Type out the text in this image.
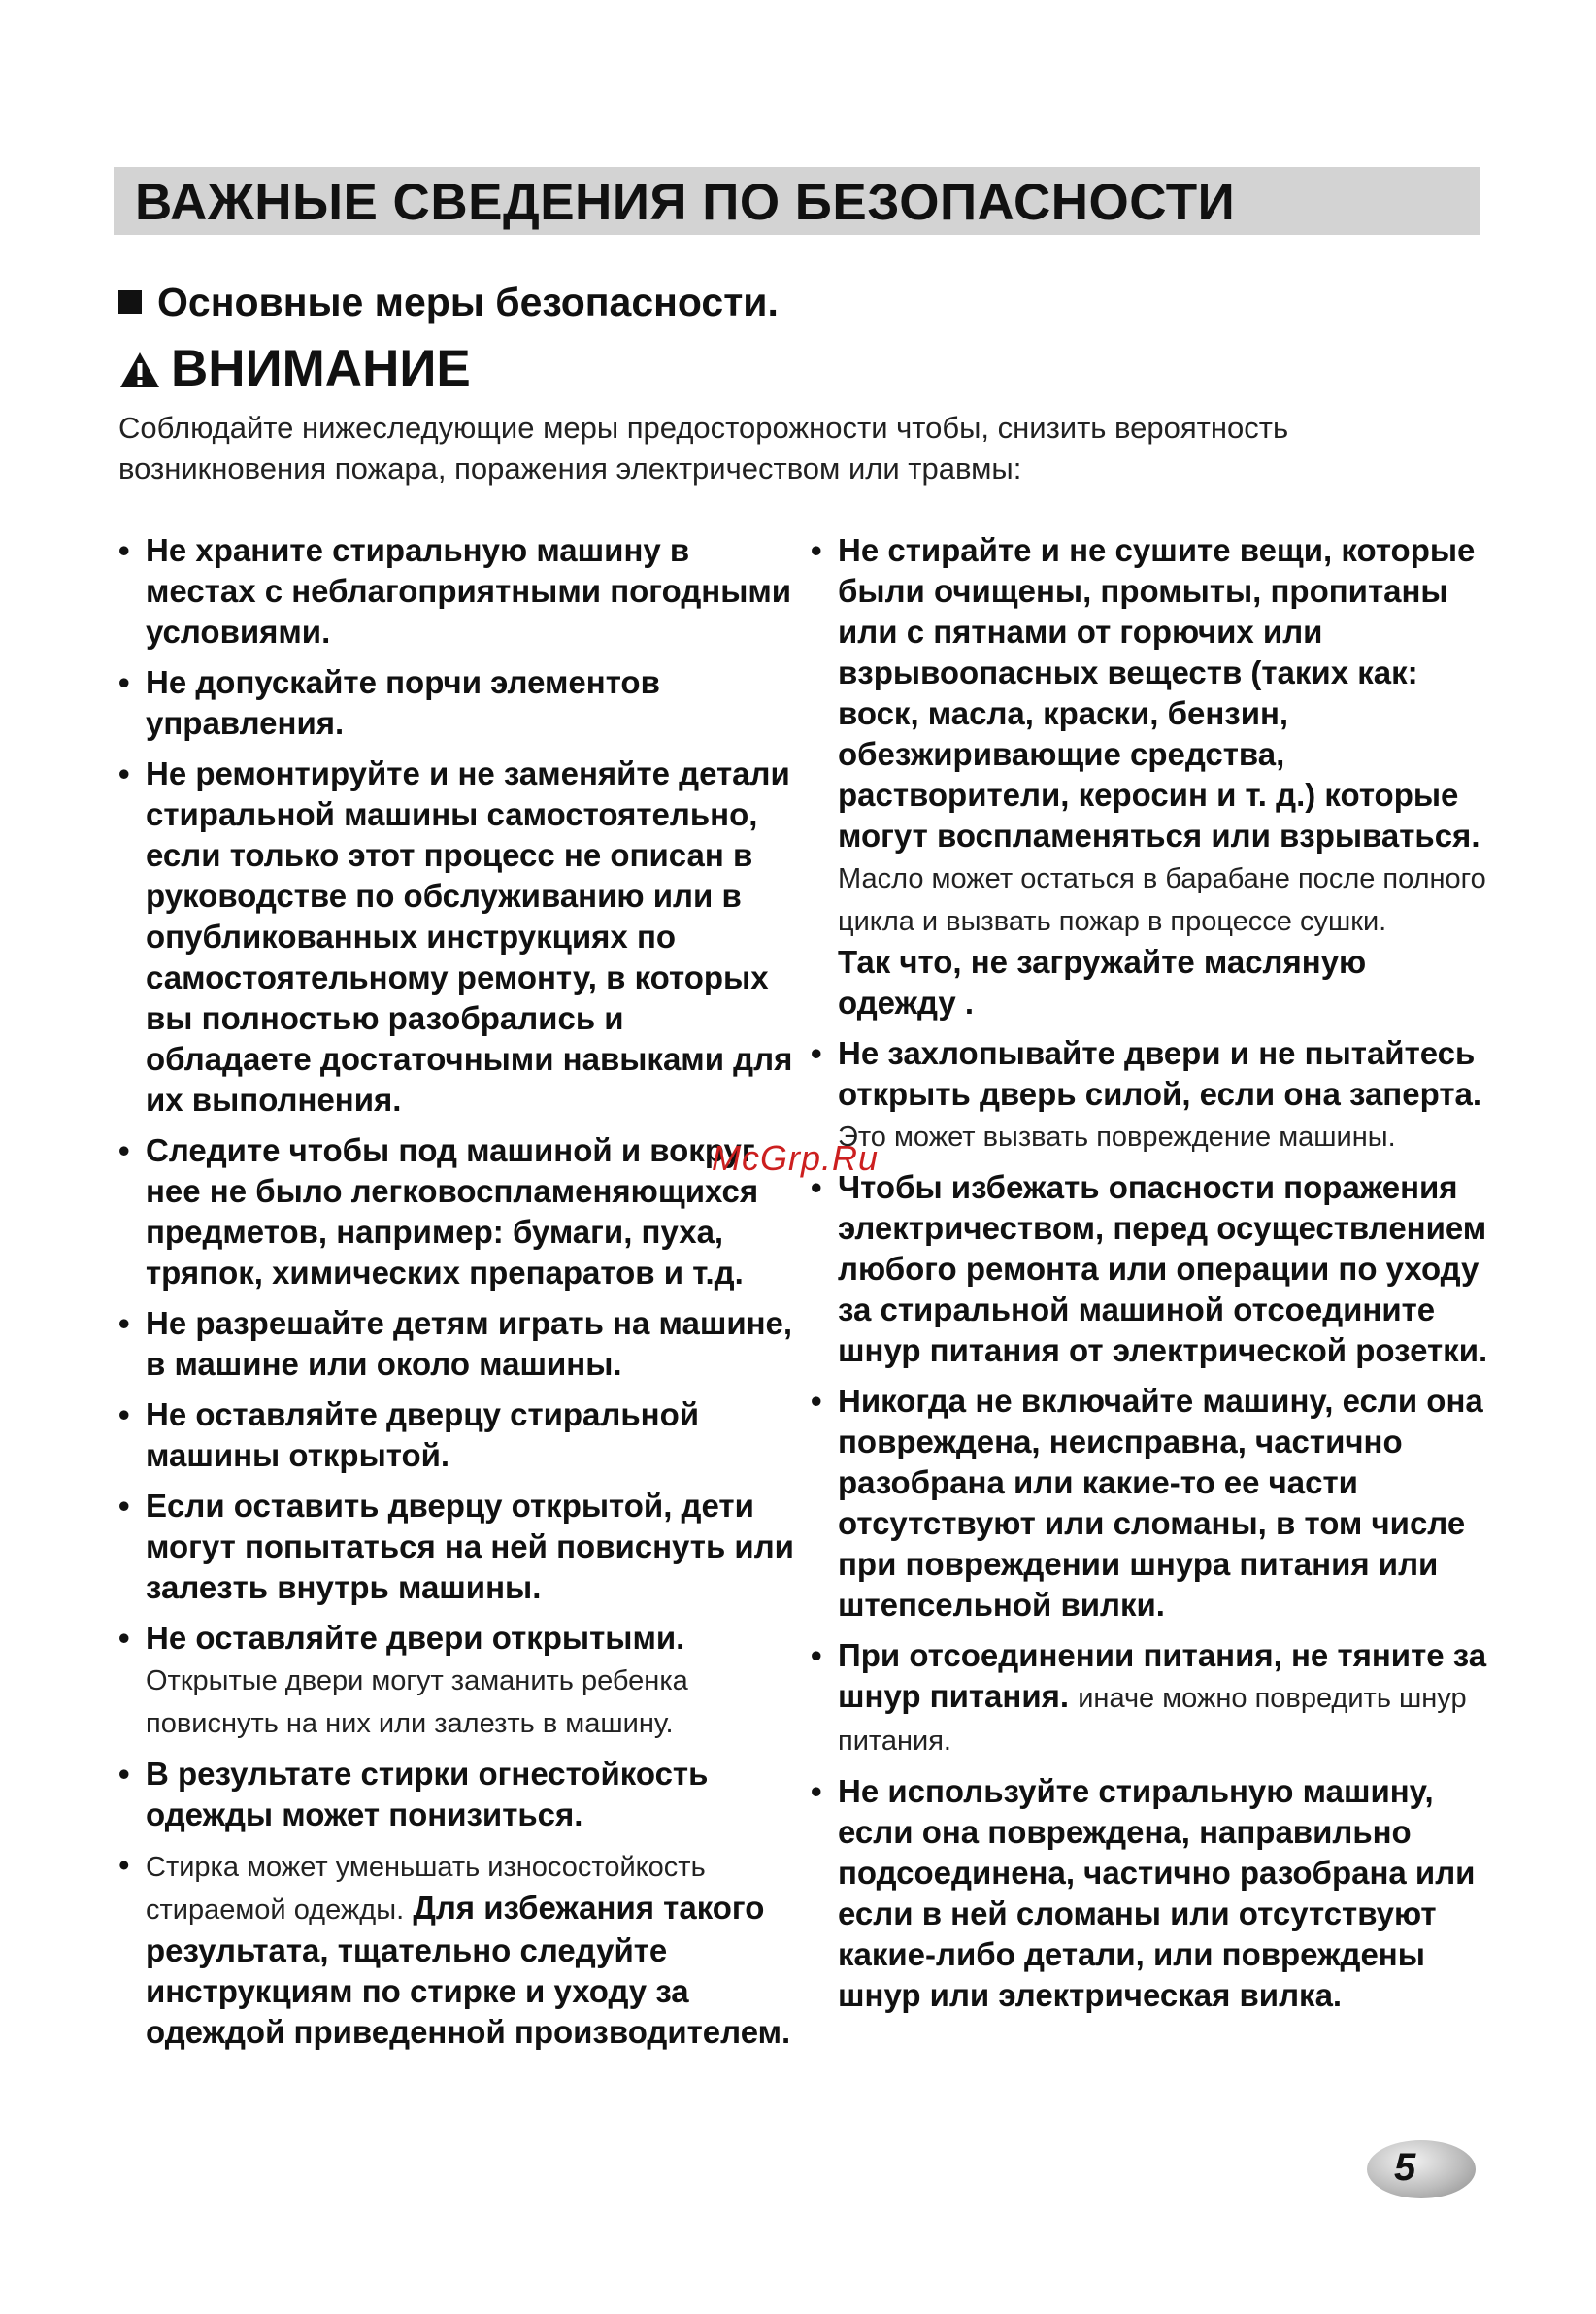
ВАЖНЫЕ СВЕДЕНИЯ ПО БЕЗОПАСНОСТИ
Основные меры безопасности.
ВНИМАНИЕ
Соблюдайте нижеследующие меры предосторожности чтобы, снизить вероятность возникновения пожара, поражения электричеством или травмы:
• Не храните стиральную машину в местах с неблагоприятными погодными условиями.
• Не допускайте порчи элементов управления.
• Не ремонтируйте и не заменяйте детали стиральной машины самостоятельно, если только этот процесс не описан в руководстве по обслуживанию или в опубликованных инструкциях по самостоятельному ремонту, в которых вы полностью разобрались и обладаете достаточными навыками для их выполнения.
• Следите чтобы под машиной и вокруг нее не было легковоспламеняющихся предметов, например: бумаги, пуха, тряпок, химических препаратов и т.д.
• Не разрешайте детям играть на машине, в машине или около машины.
• Не оставляйте дверцу стиральной машины открытой.
• Если оставить дверцу открытой, дети могут попытаться на ней повиснуть или залезть внутрь машины.
• Не оставляйте двери открытыми.
Открытые двери могут заманить ребенка повиснуть на них или залезть в машину.
• В результате стирки огнестойкость одежды может понизиться.
• Стирка может уменьшать износостойкость стираемой одежды. Для избежания такого результата, тщательно следуйте инструкциям по стирке и уходу за одеждой приведенной производителем.
• Не стирайте и не сушите вещи, которые были очищены, промыты, пропитаны или с пятнами от горючих или взрывоопасных веществ (таких как: воск, масла, краски, бензин, обезжиривающие средства, растворители, керосин и т. д.) которые могут воспламеняться или взрываться. Масло может остаться в барабане после полного цикла и вызвать пожар в процессе сушки.
Так что, не загружайте масляную одежду .
• Не захлопывайте двери и не пытайтесь открыть дверь силой, если она заперта.
Это может вызвать повреждение машины.
• Чтобы избежать опасности поражения электричеством, перед осуществлением любого ремонта или операции по уходу за стиральной машиной отсоедините шнур питания от электрической розетки.
• Никогда не включайте машину, если она повреждена, неисправна, частично разобрана или какие-то ее части отсутствуют или сломаны, в том числе при повреждении шнура питания или штепсельной вилки.
• При отсоединении питания, не тяните за шнур питания. иначе можно повредить шнур питания.
• Не используйте стиральную машину, если она повреждена, направильно подсоединена, частично разобрана или если в ней сломаны или отсутствуют какие-либо детали, или повреждены шнур или электрическая вилка.
McGrp.Ru
5
